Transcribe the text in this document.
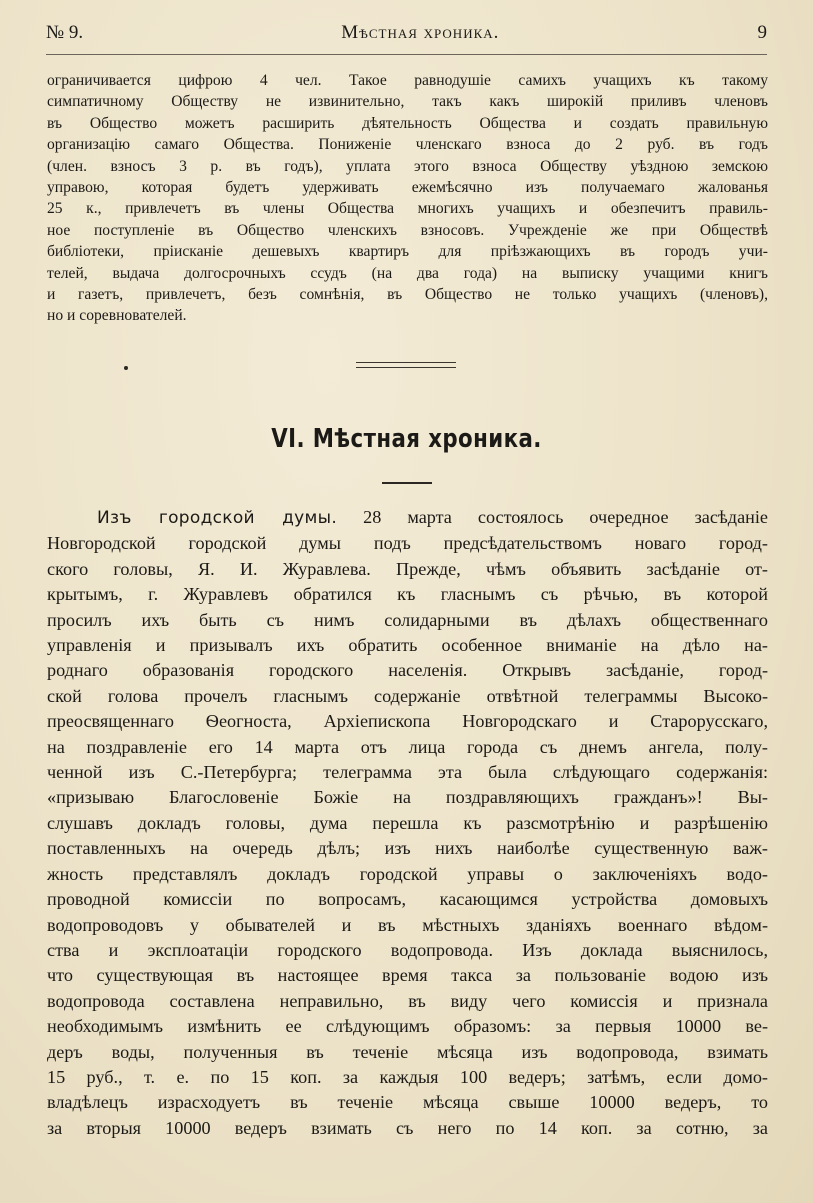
№ 9.	Мѣстная хроника.	9
ограничивается цифрою 4 чел. Такое равнодушіе самихъ учащихъ къ такому
симпатичному Обществу не извинительно, такъ какъ широкій приливъ членовъ
въ Общество можетъ расширить дѣятельность Общества и создать правильную
организацію самаго Общества. Пониженіе членскаго взноса до 2 руб. въ годъ
(член. взносъ 3 р. въ годъ), уплата этого взноса Обществу уѣздною земскою
управою, которая будетъ удерживать ежемѣсячно изъ получаемаго жалованья
25 к., привлечетъ въ члены Общества многихъ учащихъ и обезпечитъ правиль-
ное поступленіе въ Общество членскихъ взносовъ. Учрежденіе же при Обществѣ
библіотеки, пріисканіе дешевыхъ квартиръ для пріѣзжающихъ въ городъ учи-
телей, выдача долгосрочныхъ ссудъ (на два года) на выписку учащими книгъ
и газетъ, привлечетъ, безъ сомнѣнія, въ Общество не только учащихъ (членовъ),
но и соревнователей.
VI. Мѣстная хроника.
Изъ городской думы. 28 марта состоялось очередное засѣданіе
Новгородской городской думы подъ предсѣдательствомъ новаго город-
ского головы, Я. И. Журавлева. Прежде, чѣмъ объявить засѣданіе от-
крытымъ, г. Журавлевъ обратился къ гласнымъ съ рѣчью, въ которой
просилъ ихъ быть съ нимъ солидарными въ дѣлахъ общественнаго
управленія и призывалъ ихъ обратить особенное вниманіе на дѣло на-
роднаго образованія городского населенія. Открывъ засѣданіе, город-
ской голова прочелъ гласнымъ содержаніе отвѣтной телеграммы Высоко-
преосвященнаго Ѳеогноста, Архіепископа Новгородскаго и Старорусскаго,
на поздравленіе его 14 марта отъ лица города съ днемъ ангела, полу-
ченной изъ С.-Петербурга; телеграмма эта была слѣдующаго содержанія:
«призываю Благословеніе Божіе на поздравляющихъ гражданъ»! Вы-
слушавъ докладъ головы, дума перешла къ разсмотрѣнію и разрѣшенію
поставленныхъ на очередь дѣлъ; изъ нихъ наиболѣе существенную важ-
жность представлялъ докладъ городской управы о заключеніяхъ водо-
проводной комиссіи по вопросамъ, касающимся устройства домовыхъ
водопроводовъ у обывателей и въ мѣстныхъ зданіяхъ военнаго вѣдом-
ства и эксплоатаціи городского водопровода. Изъ доклада выяснилось,
что существующая въ настоящее время такса за пользованіе водою изъ
водопровода составлена неправильно, въ виду чего комиссія и признала
необходимымъ измѣнить ее слѣдующимъ образомъ: за первыя 10000 ве-
деръ воды, полученныя въ теченіе мѣсяца изъ водопровода, взимать
15 руб., т. е. по 15 коп. за каждыя 100 ведеръ; затѣмъ, если домо-
владѣлецъ израсходуетъ въ теченіе мѣсяца свыше 10000 ведеръ, то
за вторыя 10000 ведеръ взимать съ него по 14 коп. за сотню, за
